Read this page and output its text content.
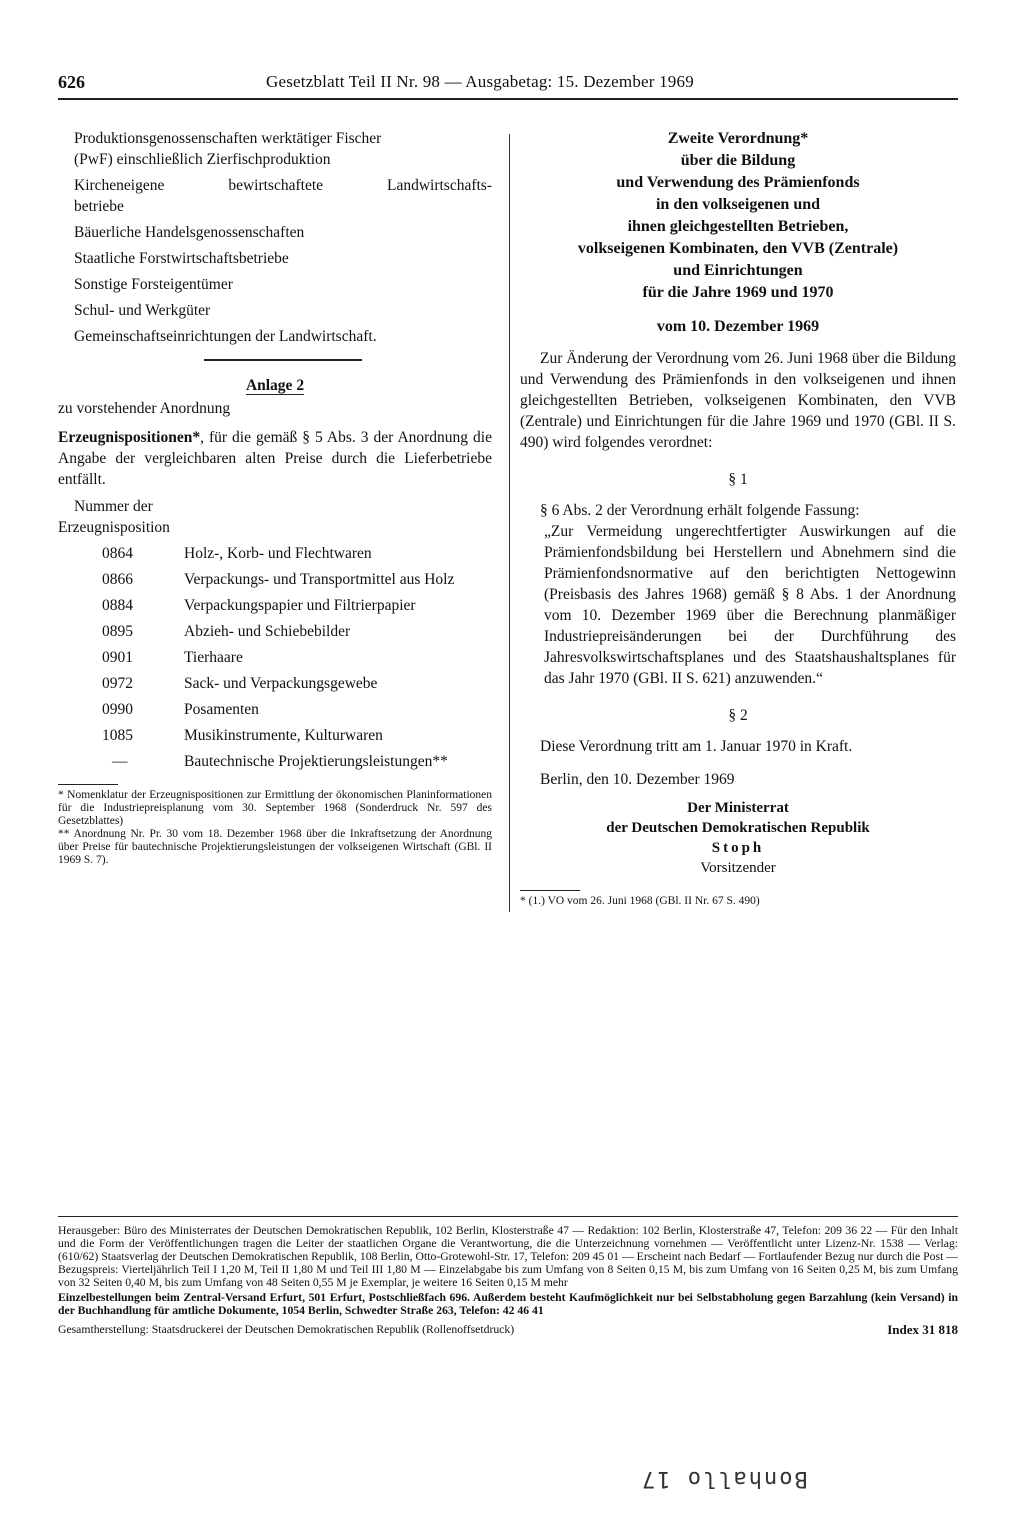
626	Gesetzblatt Teil II Nr. 98 — Ausgabetag: 15. Dezember 1969
Produktionsgenossenschaften werktätiger Fischer
(PwF) einschließlich Zierfischproduktion
Kircheneigene bewirtschaftete Landwirtschafts-
betriebe
Bäuerliche Handelsgenossenschaften
Staatliche Forstwirtschaftsbetriebe
Sonstige Forsteigentümer
Schul- und Werkgüter
Gemeinschaftseinrichtungen der Landwirtschaft.
Anlage 2
zu vorstehender Anordnung
Erzeugnispositionen*, für die gemäß § 5 Abs. 3 der Anordnung die Angabe der vergleichbaren alten Preise durch die Lieferbetriebe entfällt.
Nummer der
Erzeugnisposition
0864	Holz-, Korb- und Flechtwaren
0866	Verpackungs- und Transportmittel aus Holz
0884	Verpackungspapier und Filtrierpapier
0895	Abzieh- und Schiebebilder
0901	Tierhaare
0972	Sack- und Verpackungsgewebe
0990	Posamenten
1085	Musikinstrumente, Kulturwaren
—	Bautechnische Projektierungsleistungen**
* Nomenklatur der Erzeugnispositionen zur Ermittlung der ökonomischen Planinformationen für die Industriepreisplanung vom 30. September 1968 (Sonderdruck Nr. 597 des Gesetzblattes)
** Anordnung Nr. Pr. 30 vom 18. Dezember 1968 über die Inkraftsetzung der Anordnung über Preise für bautechnische Projektierungsleistungen der volkseigenen Wirtschaft (GBl. II 1969 S. 7).
Zweite Verordnung*
über die Bildung
und Verwendung des Prämienfonds
in den volkseigenen und
ihnen gleichgestellten Betrieben,
volkseigenen Kombinaten, den VVB (Zentrale)
und Einrichtungen
für die Jahre 1969 und 1970
vom 10. Dezember 1969
Zur Änderung der Verordnung vom 26. Juni 1968 über die Bildung und Verwendung des Prämienfonds in den volkseigenen und ihnen gleichgestellten Betrieben, volkseigenen Kombinaten, den VVB (Zentrale) und Einrichtungen für die Jahre 1969 und 1970 (GBl. II S. 490) wird folgendes verordnet:
§ 1
§ 6 Abs. 2 der Verordnung erhält folgende Fassung:
„Zur Vermeidung ungerechtfertigter Auswirkungen auf die Prämienfondsbildung bei Herstellern und Abnehmern sind die Prämienfondsnormative auf den berichtigten Nettogewinn (Preisbasis des Jahres 1968) gemäß § 8 Abs. 1 der Anordnung vom 10. Dezember 1969 über die Berechnung planmäßiger Industriepreisänderungen bei der Durchführung des Jahresvolkswirtschaftsplanes und des Staatshaushaltsplanes für das Jahr 1970 (GBl. II S. 621) anzuwenden.“
§ 2
Diese Verordnung tritt am 1. Januar 1970 in Kraft.
Berlin, den 10. Dezember 1969
Der Ministerrat
der Deutschen Demokratischen Republik
Stoph
Vorsitzender
* (1.) VO vom 26. Juni 1968 (GBl. II Nr. 67 S. 490)
Herausgeber: Büro des Ministerrates der Deutschen Demokratischen Republik, 102 Berlin, Klosterstraße 47 — Redaktion: 102 Berlin, Klosterstraße 47, Telefon: 209 36 22 — Für den Inhalt und die Form der Veröffentlichungen tragen die Leiter der staatlichen Organe die Verantwortung, die die Unterzeichnung vornehmen — Veröffentlicht unter Lizenz-Nr. 1538 — Verlag: (610/62) Staatsverlag der Deutschen Demokratischen Republik, 108 Berlin, Otto-Grotewohl-Str. 17, Telefon: 209 45 01 — Erscheint nach Bedarf — Fortlaufender Bezug nur durch die Post — Bezugspreis: Vierteljährlich Teil I 1,20 M, Teil II 1,80 M und Teil III 1,80 M — Einzelabgabe bis zum Umfang von 8 Seiten 0,15 M, bis zum Umfang von 16 Seiten 0,25 M, bis zum Umfang von 32 Seiten 0,40 M, bis zum Umfang von 48 Seiten 0,55 M je Exemplar, je weitere 16 Seiten 0,15 M mehr
Einzelbestellungen beim Zentral-Versand Erfurt, 501 Erfurt, Postschließfach 696. Außerdem besteht Kaufmöglichkeit nur bei Selbstabholung gegen Barzahlung (kein Versand) in der Buchhandlung für amtliche Dokumente, 1054 Berlin, Schwedter Straße 263, Telefon: 42 46 41
Gesamtherstellung: Staatsdruckerei der Deutschen Demokratischen Republik (Rollenoffsetdruck)	Index 31 818
Bonhallo 17
